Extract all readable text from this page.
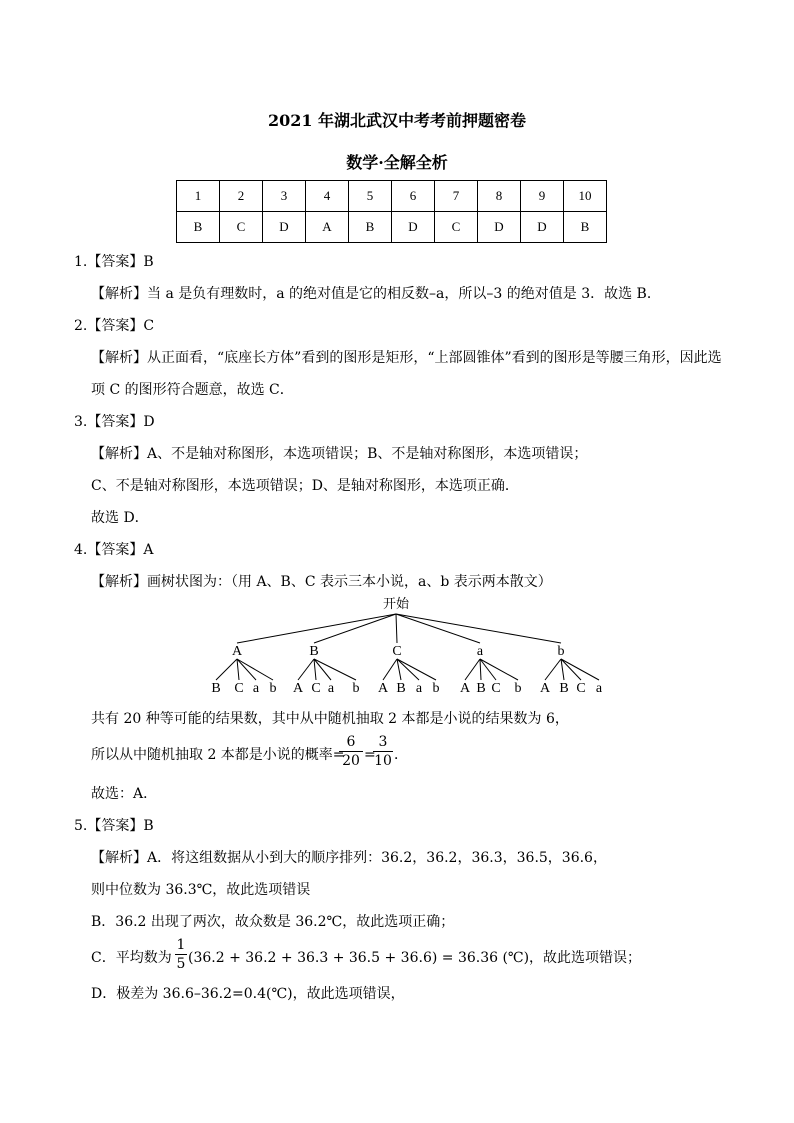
2021 年湖北武汉中考考前押题密卷
数学·全解全析
1	2	3	4	5	6	7	8	9	10
B	C	D	A	B	D	C	D	D	B
1.【答案】B
【解析】当 a 是负有理数时，a 的绝对值是它的相反数–a，所以–3 的绝对值是 3．故选 B．
2.【答案】C
【解析】从正面看，“底座长方体”看到的图形是矩形，“上部圆锥体”看到的图形是等腰三角形，因此选
项 C 的图形符合题意，故选 C．
3.【答案】D
【解析】A、不是轴对称图形，本选项错误；B、不是轴对称图形，本选项错误；
C、不是轴对称图形，本选项错误；D、是轴对称图形，本选项正确．
故选 D．
4.【答案】A
【解析】画树状图为：（用 A、B、C 表示三本小说，a、b 表示两本散文）
开始
A
B C a b
B
A C a b
C
A B a b
a
A B C b
b
A B C a
共有 20 种等可能的结果数，其中从中随机抽取 2 本都是小说的结果数为 6，
所以从中随机抽取 2 本都是小说的概率=
6
20 =
3
10 ．
故选：A．
5.【答案】B
【解析】A．将这组数据从小到大的顺序排列：36.2，36.2，36.3，36.5，36.6，
则中位数为 36.3℃，故此选项错误
B．36.2 出现了两次，故众数是 36.2℃，故此选项正确；
C．平均数为
1
5 (36.2 + 36.2 + 36.3 + 36.5 + 36.6) = 36.36 (℃)，故此选项错误；
D．极差为 36.6–36.2=0.4(℃)，故此选项错误，
